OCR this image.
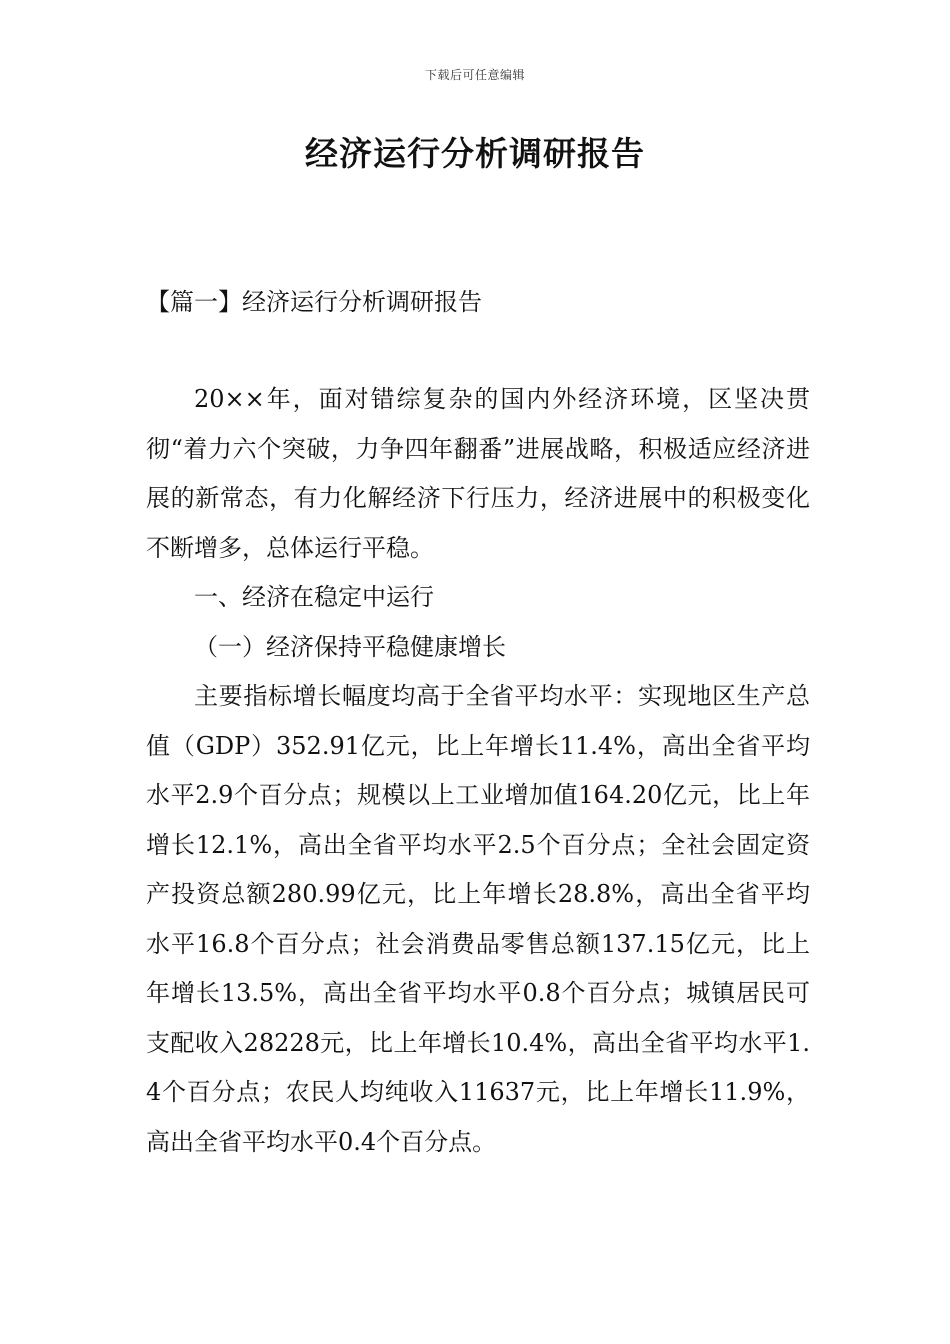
下载后可任意编辑
经济运行分析调研报告
【篇一】经济运行分析调研报告

20××年，面对错综复杂的国内外经济环境，区坚决贯彻“着力六个突破，力争四年翻番”进展战略，积极适应经济进展的新常态，有力化解经济下行压力，经济进展中的积极变化不断增多，总体运行平稳。

一、经济在稳定中运行

（一）经济保持平稳健康增长

主要指标增长幅度均高于全省平均水平：实现地区生产总值（GDP）352.91亿元，比上年增长11.4%，高出全省平均水平2.9个百分点；规模以上工业增加值164.20亿元，比上年增长12.1%，高出全省平均水平2.5个百分点；全社会固定资产投资总额280.99亿元，比上年增长28.8%，高出全省平均水平16.8个百分点；社会消费品零售总额137.15亿元，比上年增长13.5%，高出全省平均水平0.8个百分点；城镇居民可支配收入28228元，比上年增长10.4%，高出全省平均水平1.4个百分点；农民人均纯收入11637元，比上年增长11.9%，高出全省平均水平0.4个百分点。
